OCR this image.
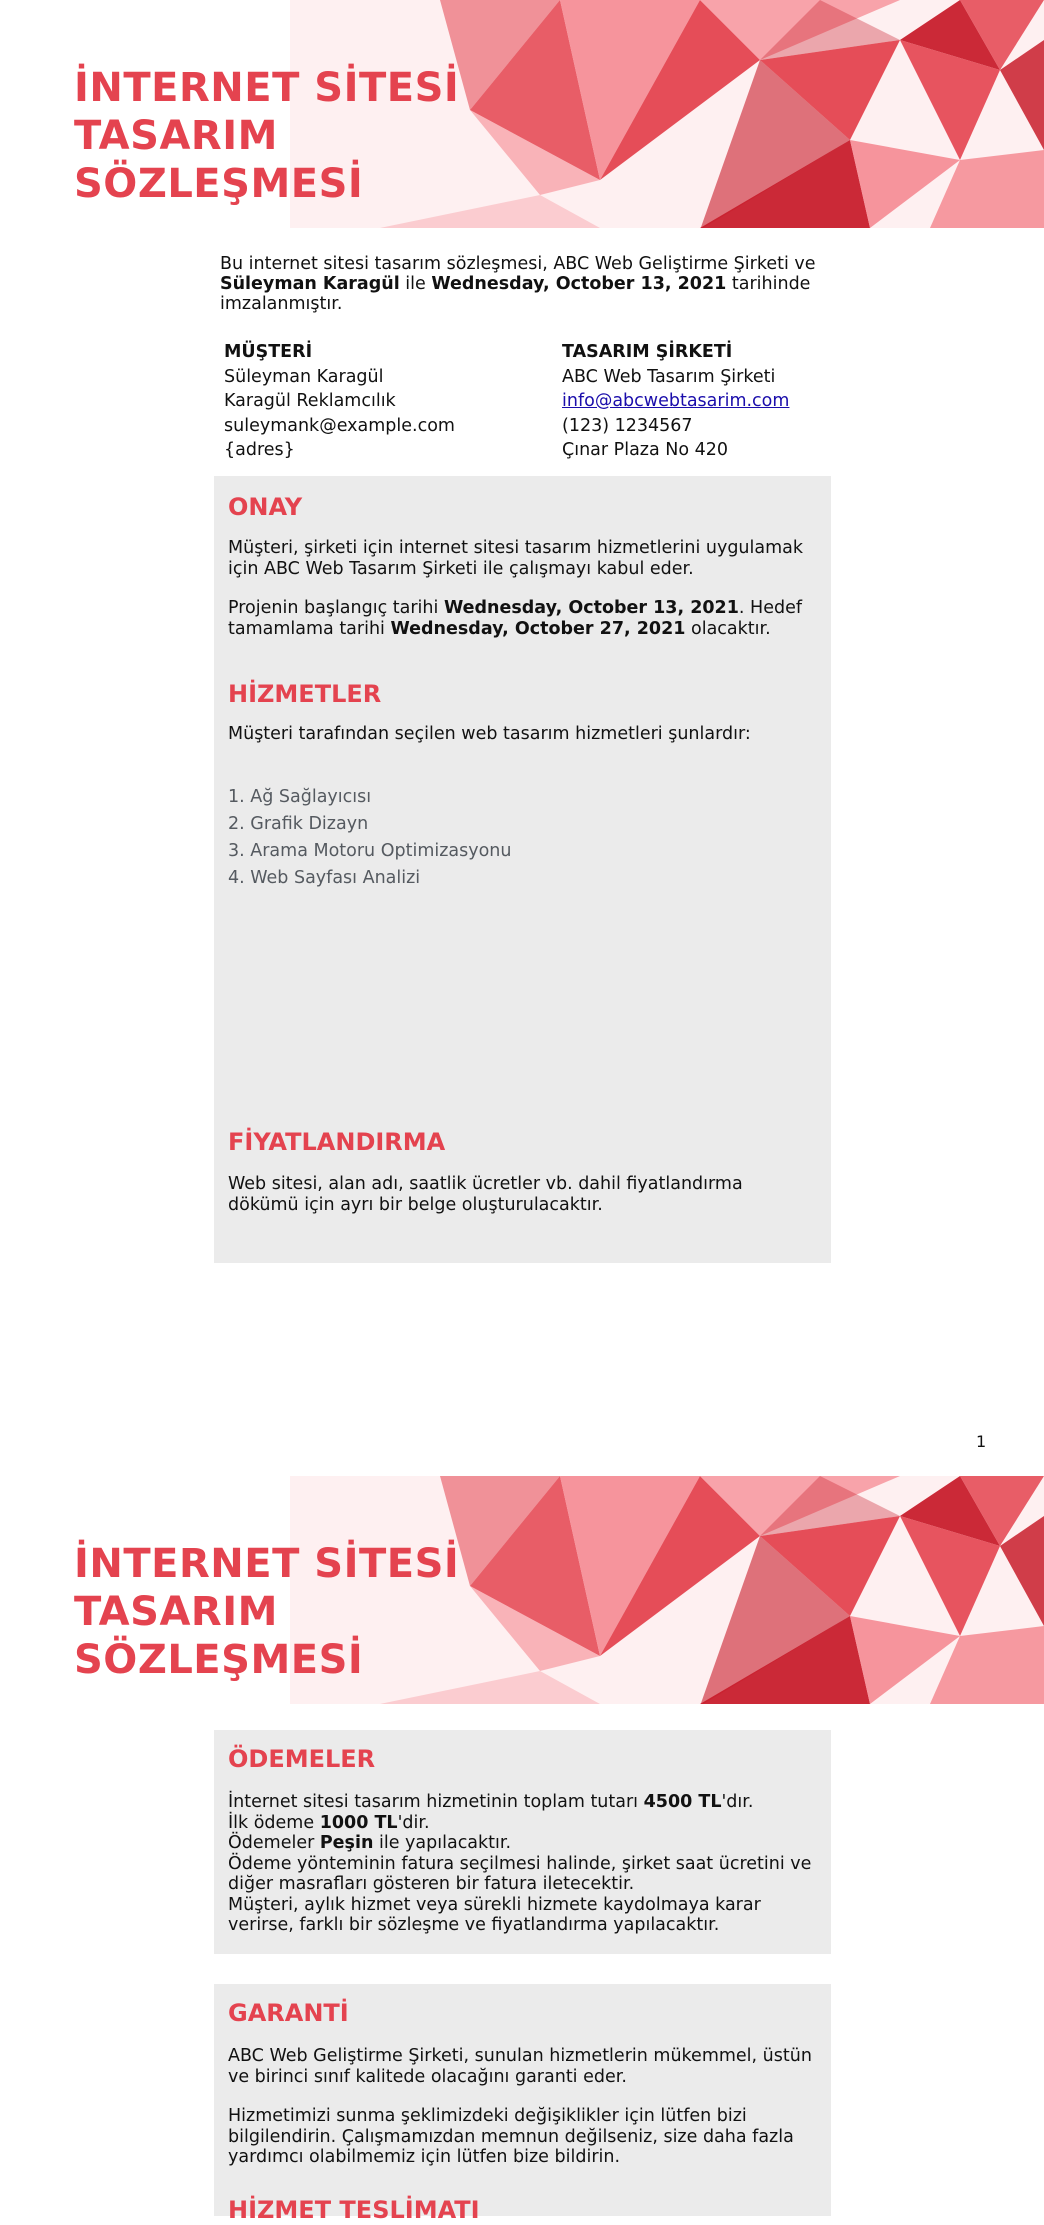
İNTERNET SİTESİ
TASARIM
SÖZLEŞMESİ

Bu internet sitesi tasarım sözleşmesi, ABC Web Geliştirme Şirketi ve Süleyman Karagül ile Wednesday, October 13, 2021 tarihinde imzalanmıştır.

MÜŞTERİ
Süleyman Karagül
Karagül Reklamcılık
suleymank@example.com
{adres}
TASARIM ŞİRKETİ
ABC Web Tasarım Şirketi
info@abcwebtasarim.com
(123) 1234567
Çınar Plaza No 420
ONAY

Müşteri, şirketi için internet sitesi tasarım hizmetlerini uygulamak için ABC Web Tasarım Şirketi ile çalışmayı kabul eder.

Projenin başlangıç tarihi Wednesday, October 13, 2021. Hedef tamamlama tarihi Wednesday, October 27, 2021 olacaktır.

HİZMETLER

Müşteri tarafından seçilen web tasarım hizmetleri şunlardır:

1. Ağ Sağlayıcısı
2. Grafik Dizayn
3. Arama Motoru Optimizasyonu
4. Web Sayfası Analizi
FİYATLANDIRMA

Web sitesi, alan adı, saatlik ücretler vb. dahil fiyatlandırma dökümü için ayrı bir belge oluşturulacaktır.

1
İNTERNET SİTESİ
TASARIM
SÖZLEŞMESİ
ÖDEMELER
İnternet sitesi tasarım hizmetinin toplam tutarı 4500 TL'dır.
İlk ödeme 1000 TL'dir.
Ödemeler Peşin ile yapılacaktır.
Ödeme yönteminin fatura seçilmesi halinde, şirket saat ücretini ve diğer masrafları gösteren bir fatura iletecektir.
Müşteri, aylık hizmet veya sürekli hizmete kaydolmaya karar verirse, farklı bir sözleşme ve fiyatlandırma yapılacaktır.
GARANTİ

ABC Web Geliştirme Şirketi, sunulan hizmetlerin mükemmel, üstün ve birinci sınıf kalitede olacağını garanti eder.

Hizmetimizi sunma şeklimizdeki değişiklikler için lütfen bizi bilgilendirin. Çalışmamızdan memnun değilseniz, size daha fazla yardımcı olabilmemiz için lütfen bize bildirin.

HİZMET TESLİMATI
